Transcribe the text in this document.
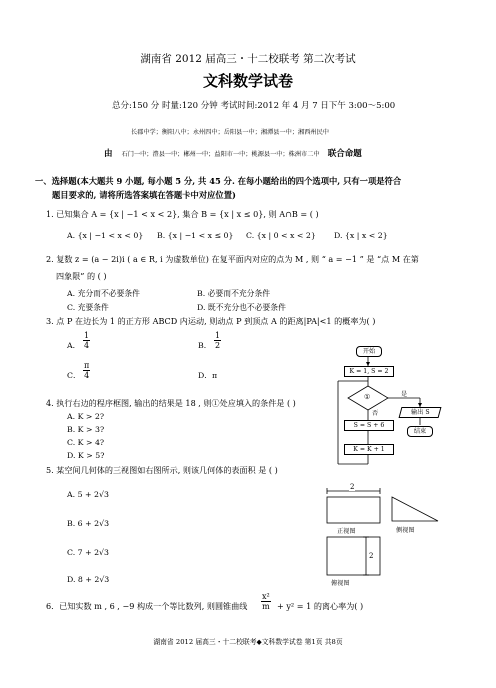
湖南省 2012 届高三・十二校联考 第二次考试
文科数学试卷
总分:150 分 时量:120 分钟 考试时间:2012 年 4 月 7 日下午 3:00～5:00
长郡中学；衡阳八中；永州四中；岳阳县一中；湘潭县一中；湘西州民中
由 石门一中；澧县一中；郴州一中；益阳市一中；桃源县一中；株洲市二中 联合命题
一、选择题(本大题共 9 小题, 每小题 5 分, 共 45 分. 在每小题给出的四个选项中, 只有一项是符合
题目要求的, 请将所选答案填在答题卡中对应位置)
1. 已知集合 A = {x | −1 < x < 2}, 集合 B = {x | x ≤ 0}, 则 A∩B = ( )
A. {x | −1 < x < 0} B. {x | −1 < x ≤ 0} C. {x | 0 < x < 2} D. {x | x < 2}
2. 复数 z = (a − 2i)i ( a ∈ R, i 为虚数单位) 在复平面内对应的点为 M , 则 “ a = −1 ” 是 “点 M 在第
四象限” 的 ( )
A. 充分而不必要条件	B. 必要而不充分条件
C. 充要条件	D. 既不充分也不必要条件
3. 点 P 在边长为 1 的正方形 ABCD 内运动, 则动点 P 到顶点 A 的距离|PA|<1 的概率为( )
A． $\frac{1}{4}$	B． $\frac{1}{2}$
C． $\frac{\pi}{4}$	D．π
4. 执行右边的程序框图, 输出的结果是 18 , 则①处应填入的条件是 ( )
A. K > 2?
B. K > 3?
C. K > 4?
D. K > 5?
开始
K = 1, S = 2
①	是
否	输出 S
结束
S = S + 6
K = K + 1
5. 某空间几何体的三视图如右图所示, 则该几何体的表面积 是 ( )
A. 5 + 2√3
B. 6 + 2√3
C. 7 + 2√3
D. 8 + 2√3
2
2
正视图	侧视图
俯视图
6．已知实数 m , 6 , −9 构成一个等比数列, 则圆锥曲线 $\frac{\text{x²}}{m} + y^2 = 1$ 的离心率为( )
湖南省 2012 届高三・十二校联考◆文科数学试卷 第1页 共8页
